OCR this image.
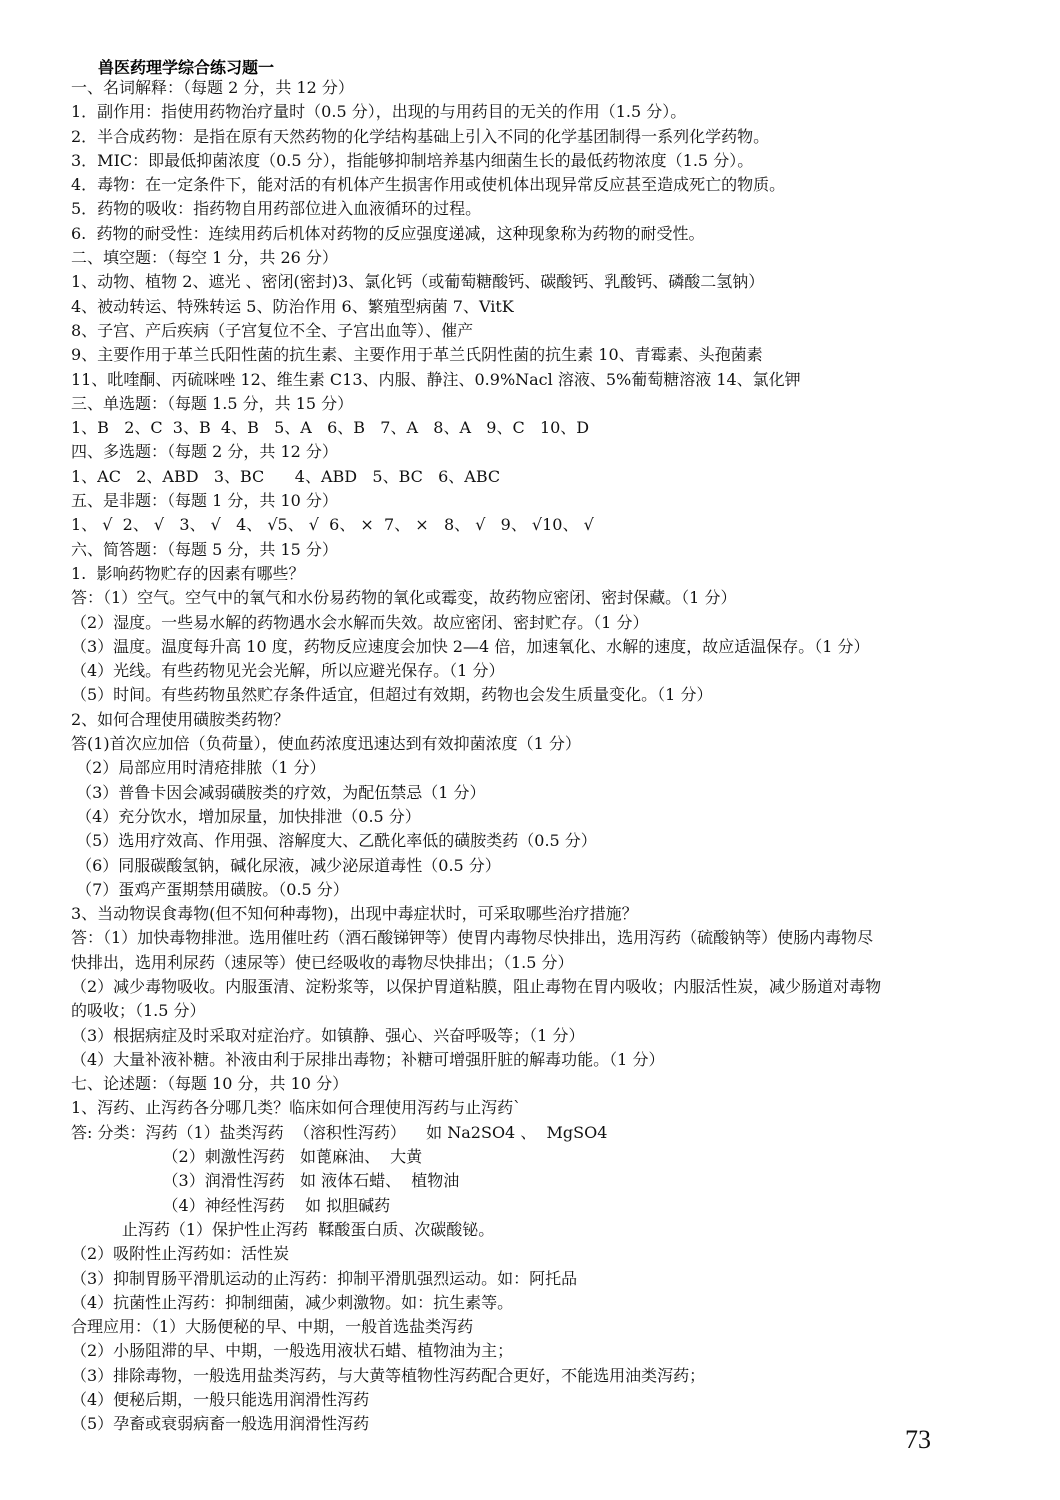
兽医药理学综合练习题一
一、名词解释：（每题 2 分，共 12 分）
1．副作用：指使用药物治疗量时（0.5 分），出现的与用药目的无关的作用（1.5 分）。
2．半合成药物：是指在原有天然药物的化学结构基础上引入不同的化学基团制得一系列化学药物。
3．MIC：即最低抑菌浓度（0.5 分），指能够抑制培养基内细菌生长的最低药物浓度（1.5 分）。
4．毒物：在一定条件下，能对活的有机体产生损害作用或使机体出现异常反应甚至造成死亡的物质。
5．药物的吸收：指药物自用药部位进入血液循环的过程。
6.  药物的耐受性：连续用药后机体对药物的反应强度递减，这种现象称为药物的耐受性。
二、填空题：（每空 1 分，共 26 分）
1、动物、植物 2、遮光 、密闭(密封)3、氯化钙（或葡萄糖酸钙、碳酸钙、乳酸钙、磷酸二氢钠）
4、被动转运、特殊转运 5、防治作用 6、繁殖型病菌 7、VitK
8、子宫、产后疾病（子宫复位不全、子宫出血等）、催产
9、主要作用于革兰氏阳性菌的抗生素、主要作用于革兰氏阴性菌的抗生素 10、青霉素、头孢菌素
11、吡喹酮、丙硫咪唑 12、维生素 C13、内服、静注、0.9%Nacl 溶液、5%葡萄糖溶液 14、氯化钾
三、单选题：（每题 1.5 分，共 15 分）
1、B   2、C  3、B  4、B   5、A   6、B   7、A   8、A   9、C   10、D
四、多选题：（每题 2 分，共 12 分）
1、AC   2、ABD   3、BC      4、ABD   5、BC   6、ABC
五、是非题：（每题 1 分，共 10 分）
1、 √  2、 √   3、 √   4、 √5、 √  6、 ×  7、 ×   8、 √   9、 √10、 √
六、简答题：（每题 5 分，共 15 分）
1.  影响药物贮存的因素有哪些？
答：（1）空气。空气中的氧气和水份易药物的氧化或霉变，故药物应密闭、密封保藏。（1 分）
（2）湿度。一些易水解的药物遇水会水解而失效。故应密闭、密封贮存。（1 分）
（3）温度。温度每升高 10 度，药物反应速度会加快 2—4 倍，加速氧化、水解的速度，故应适温保存。（1 分）
（4）光线。有些药物见光会光解，所以应避光保存。（1 分）
（5）时间。有些药物虽然贮存条件适宜，但超过有效期，药物也会发生质量变化。（1 分）
2、如何合理使用磺胺类药物？
答(1)首次应加倍（负荷量），使血药浓度迅速达到有效抑菌浓度（1 分）
（2）局部应用时清疮排脓（1 分）
（3）普鲁卡因会减弱磺胺类的疗效，为配伍禁忌（1 分）
（4）充分饮水，增加尿量，加快排泄（0.5 分）
（5）选用疗效高、作用强、溶解度大、乙酰化率低的磺胺类药（0.5 分）
（6）同服碳酸氢钠，碱化尿液，减少泌尿道毒性（0.5 分）
（7）蛋鸡产蛋期禁用磺胺。（0.5 分）
3、当动物误食毒物(但不知何种毒物)，出现中毒症状时，可采取哪些治疗措施？
答：（1）加快毒物排泄。选用催吐药（酒石酸锑钾等）使胃内毒物尽快排出，选用泻药（硫酸钠等）使肠内毒物尽
快排出，选用利尿药（速尿等）使已经吸收的毒物尽快排出；（1.5 分）
（2）减少毒物吸收。内服蛋清、淀粉浆等，以保护胃道粘膜，阻止毒物在胃内吸收；内服活性炭，减少肠道对毒物
的吸收；（1.5 分）
（3）根据病症及时采取对症治疗。如镇静、强心、兴奋呼吸等；（1 分）
（4）大量补液补糖。补液由利于尿排出毒物；补糖可增强肝脏的解毒功能。（1 分）
七、论述题：（每题 10 分，共 10 分）
1、泻药、止泻药各分哪几类？临床如何合理使用泻药与止泻药`
答: 分类：泻药（1）盐类泻药  （溶积性泻药）    如 Na2SO4 、  MgSO4
（2）刺激性泻药   如蓖麻油、  大黄
（3）润滑性泻药   如 液体石蜡、  植物油
（4）神经性泻药    如 拟胆碱药
止泻药（1）保护性止泻药  鞣酸蛋白质、次碳酸铋。
（2）吸附性止泻药如：活性炭
（3）抑制胃肠平滑肌运动的止泻药：抑制平滑肌强烈运动。如：阿托品
（4）抗菌性止泻药：抑制细菌，减少刺激物。如：抗生素等。
合理应用：（1）大肠便秘的早、中期，一般首选盐类泻药
（2）小肠阻滞的早、中期，一般选用液状石蜡、植物油为主；
（3）排除毒物，一般选用盐类泻药，与大黄等植物性泻药配合更好，不能选用油类泻药；
（4）便秘后期，一般只能选用润滑性泻药
（5）孕畜或衰弱病畜一般选用润滑性泻药
73
